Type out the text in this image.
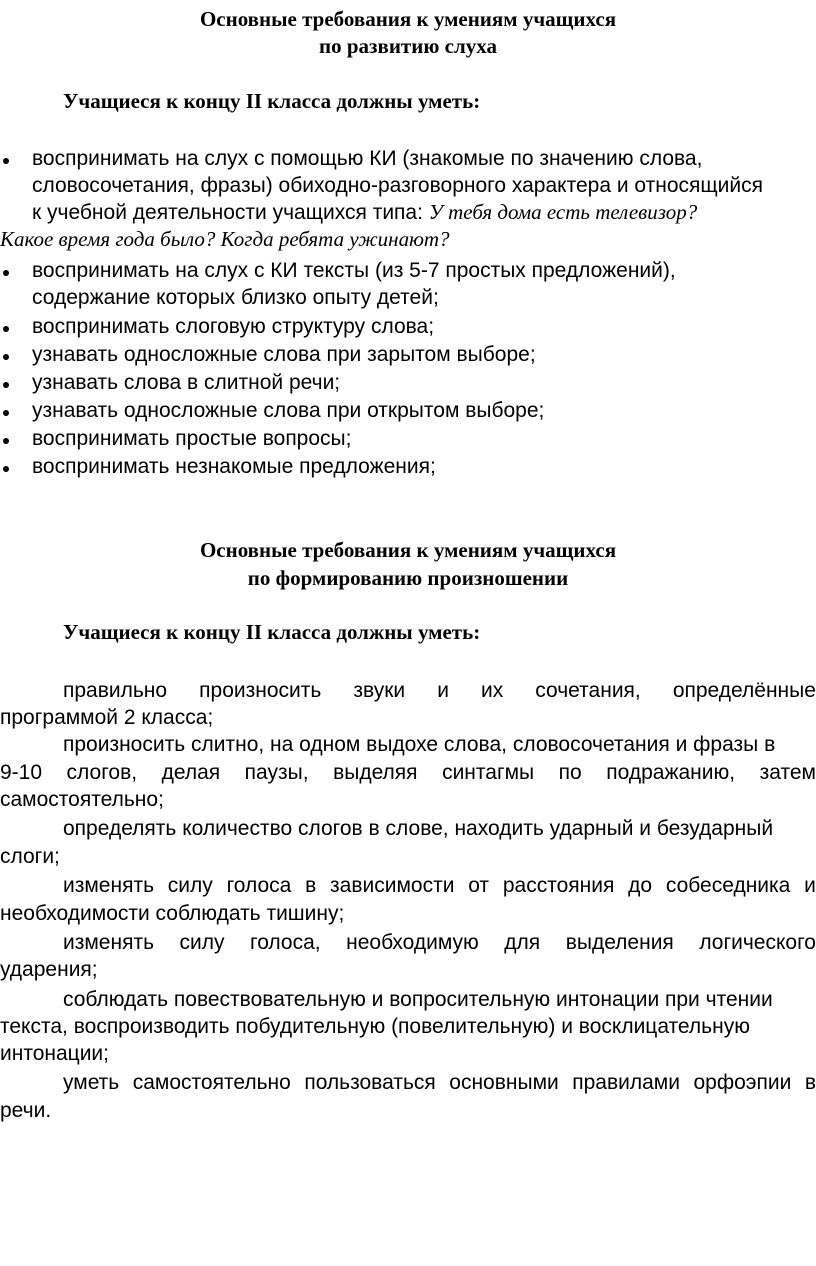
Основные требования к умениям учащихся
по развитию слуха
Учащиеся к концу II класса должны уметь:
воспринимать на слух с помощью КИ (знакомые по значению слова,
словосочетания, фразы) обиходно-разговорного характера и относящийся
к учебной деятельности учащихся типа: У тебя дома есть телевизор?
Какое время года было? Когда ребята ужинают?
воспринимать на слух с КИ тексты (из 5-7 простых предложений),
содержание которых близко опыту детей;
воспринимать слоговую структуру слова;
узнавать односложные слова при зарытом выборе;
узнавать слова в слитной речи;
узнавать односложные слова при открытом выборе;
воспринимать простые вопросы;
воспринимать незнакомые предложения;
Основные требования к умениям учащихся
по формированию произношении
Учащиеся к концу II класса должны уметь:
правильно произносить звуки и их сочетания, определённые
программой 2 класса;
произносить слитно, на одном выдохе слова, словосочетания и фразы в
9-10 слогов, делая паузы, выделяя синтагмы по подражанию, затем
самостоятельно;
определять количество слогов в слове, находить ударный и безударный
слоги;
изменять силу голоса в зависимости от расстояния до собеседника и
необходимости соблюдать тишину;
изменять силу голоса, необходимую для выделения логического
ударения;
соблюдать повествовательную и вопросительную интонации при чтении
текста, воспроизводить побудительную (повелительную) и восклицательную
интонации;
уметь самостоятельно пользоваться основными правилами орфоэпии в
речи.
